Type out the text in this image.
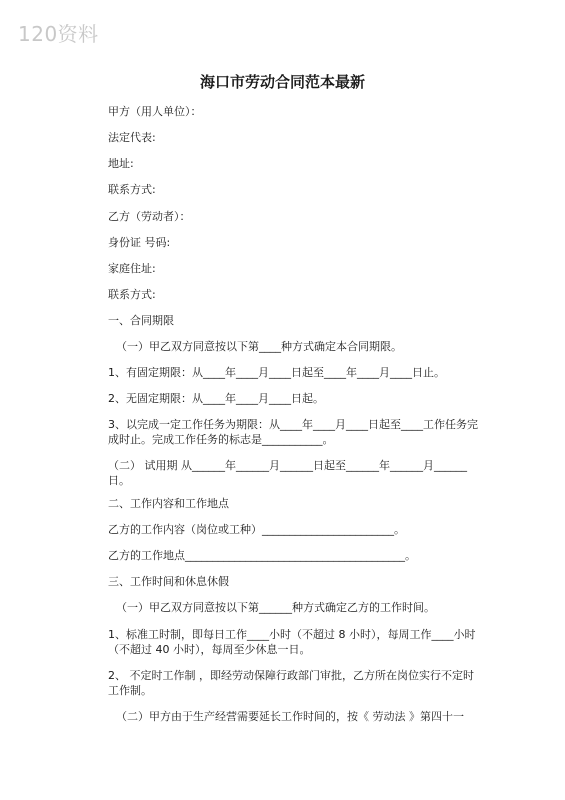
120资料
海口市劳动合同范本最新
甲方（用人单位）：
法定代表:
地址:
联系方式:
乙方（劳动者）：
身份证 号码:
家庭住址:
联系方式:
一、合同期限
（一）甲乙双方同意按以下第____种方式确定本合同期限。
1、有固定期限：从____年____月____日起至____年____月____日止。
2、无固定期限：从____年____月____日起。
3、以完成一定工作任务为期限：从____年____月____日起至____工作任务完成时止。完成工作任务的标志是___________。
（二） 试用期 从______年______月______日起至______年______月______日。
二、工作内容和工作地点
乙方的工作内容（岗位或工种）________________________。
乙方的工作地点________________________________________。
三、工作时间和休息休假
（一）甲乙双方同意按以下第______种方式确定乙方的工作时间。
1、标准工时制，即每日工作____小时（不超过 8 小时），每周工作____小时（不超过 40 小时），每周至少休息一日。
2、 不定时工作制 ，即经劳动保障行政部门审批，乙方所在岗位实行不定时工作制。
（二）甲方由于生产经营需要延长工作时间的，按《 劳动法 》第四十一
